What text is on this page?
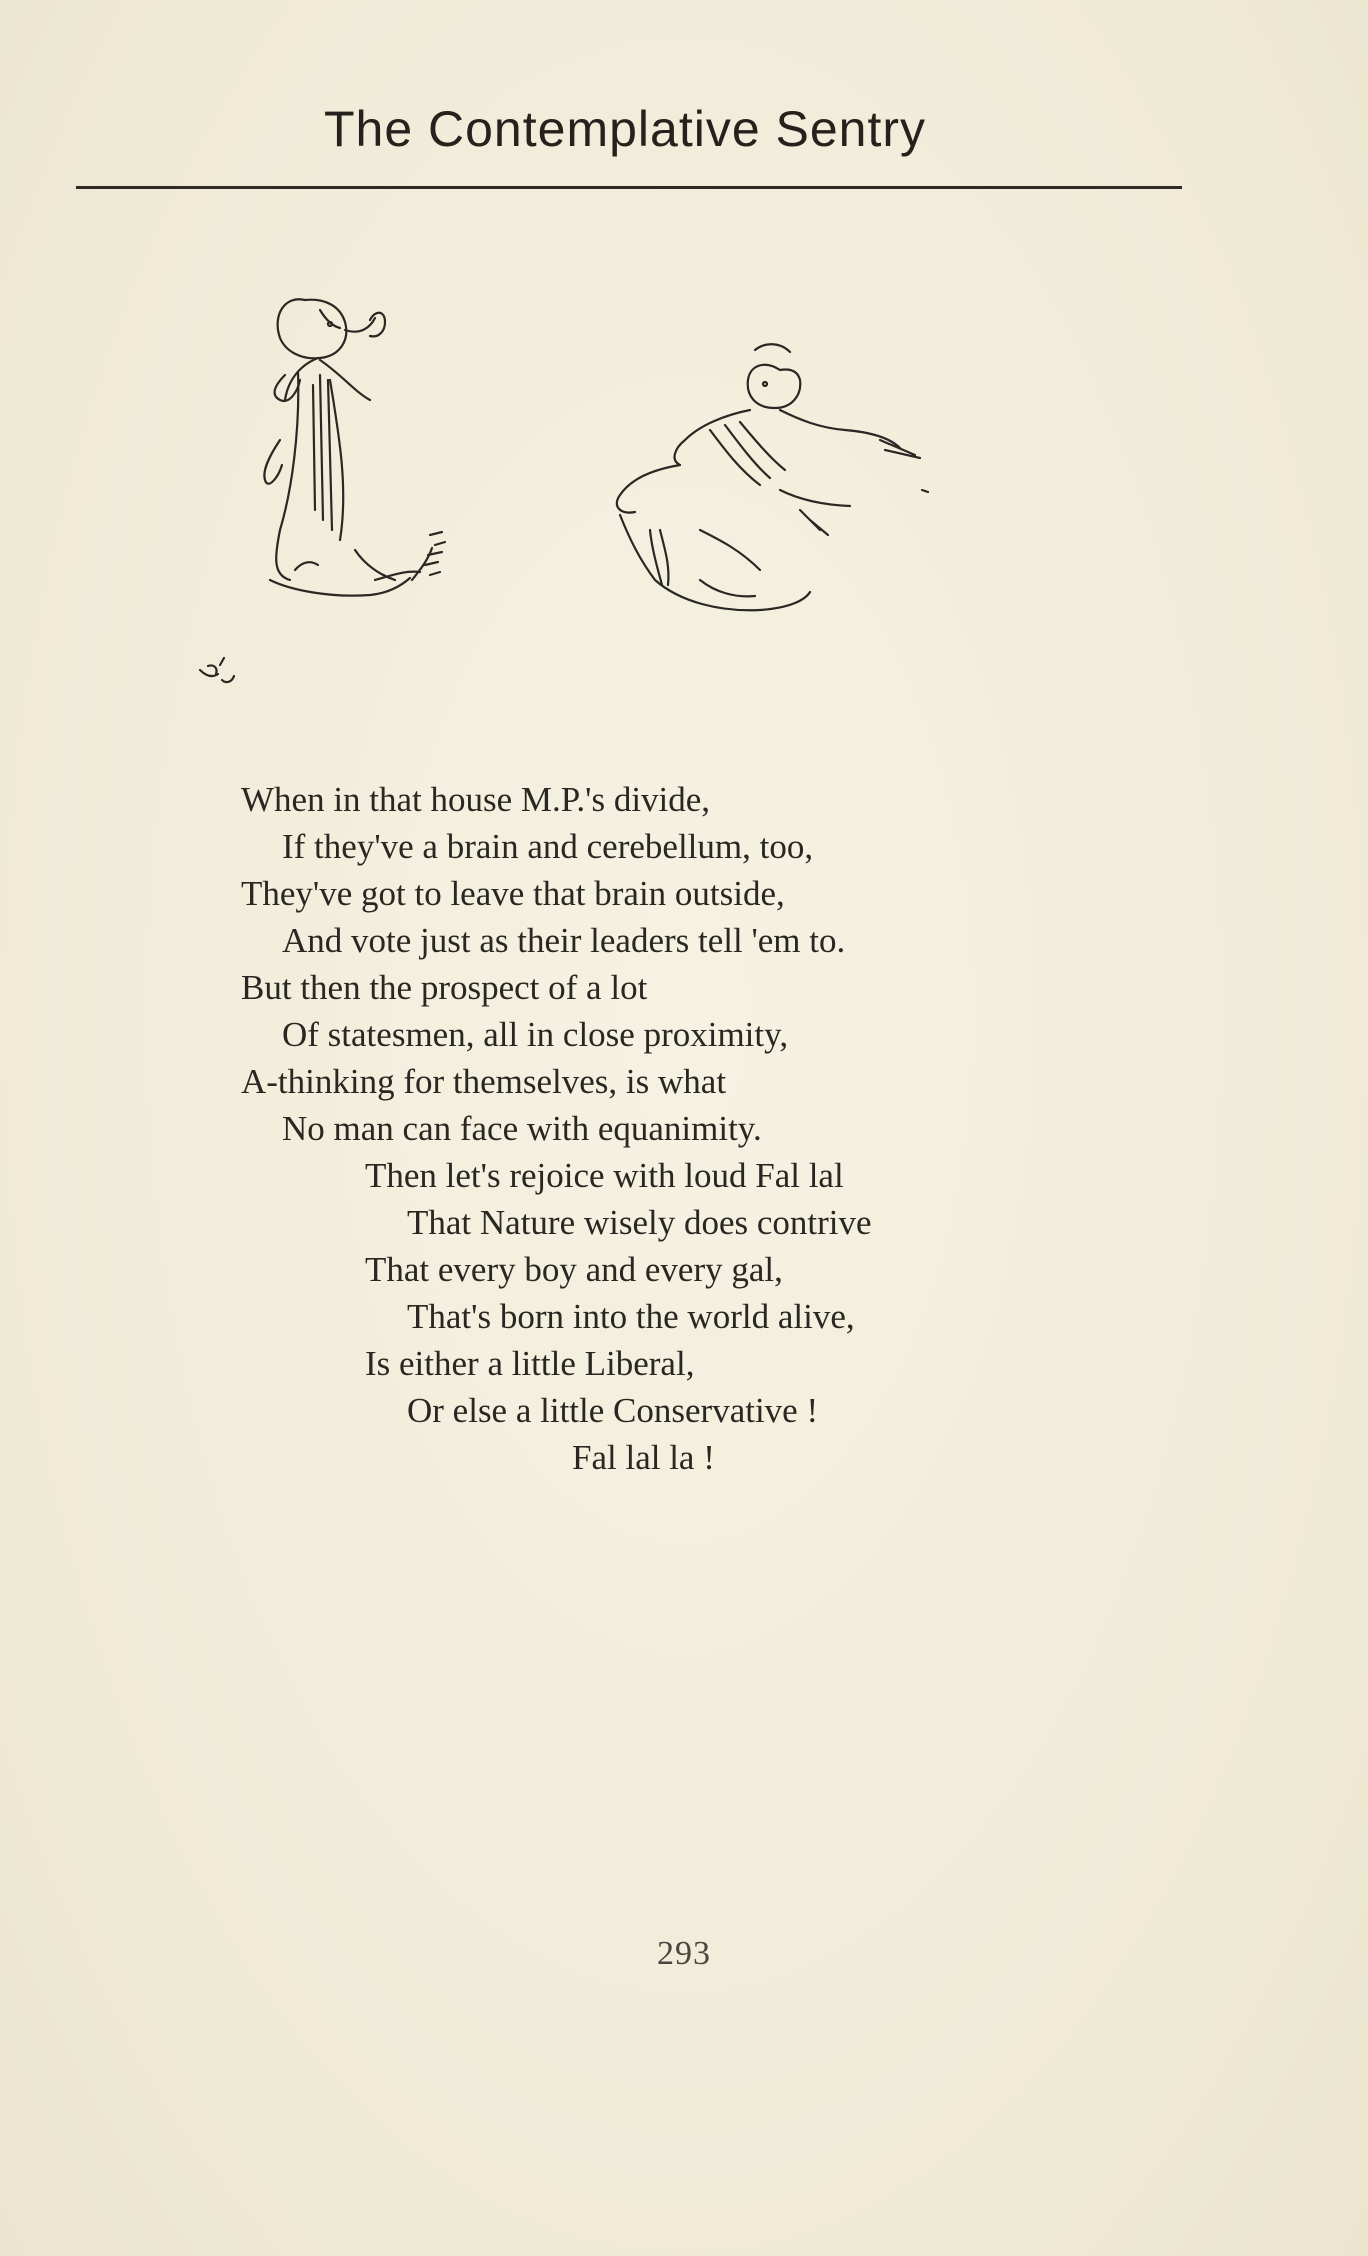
The Contemplative Sentry
When in that house M.P.'s divide,
If they've a brain and cerebellum, too,
They've got to leave that brain outside,
And vote just as their leaders tell 'em to.
But then the prospect of a lot
Of statesmen, all in close proximity,
A-thinking for themselves, is what
No man can face with equanimity.
Then let's rejoice with loud Fal lal
That Nature wisely does contrive
That every boy and every gal,
That's born into the world alive,
Is either a little Liberal,
Or else a little Conservative !
Fal lal la !
293
